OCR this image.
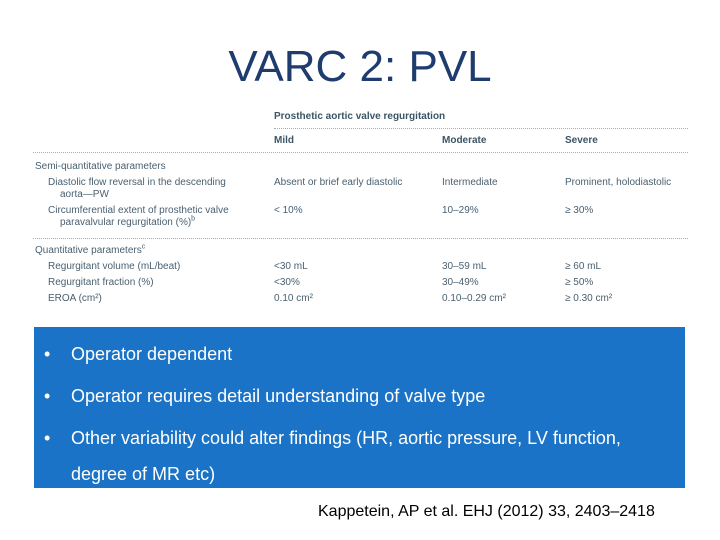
VARC 2: PVL
Prosthetic aortic valve regurgitation
Mild	Moderate	Severe
Semi-quantitative parameters
Diastolic flow reversal in the descending
aorta—PW
Absent or brief early diastolic	Intermediate	Prominent, holodiastolic
Circumferential extent of prosthetic valve
paravalvular regurgitation (%)$^b$
< 10%	10–29%	≥ 30%
Quantitative parameters$^c$
Regurgitant volume (mL/beat)	<30 mL	30–59 mL	≥ 60 mL
Regurgitant fraction (%)	<30%	30–49%	≥ 50%
EROA (cm²)	0.10 cm²	0.10–0.29 cm²	≥ 0.30 cm²
• Operator dependent
• Operator requires detail understanding of valve type
• Other variability could alter findings (HR, aortic pressure, LV function, degree of MR etc)
Kappetein, AP et al. EHJ (2012) 33, 2403–2418
